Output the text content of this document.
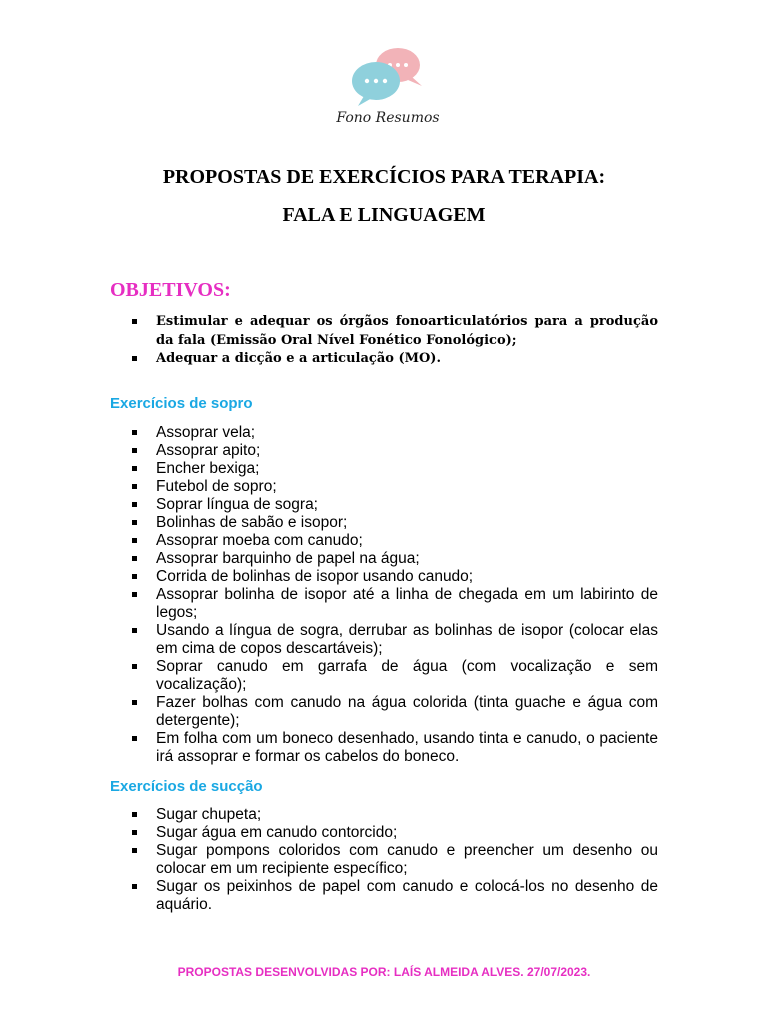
Fono Resumos
PROPOSTAS DE EXERCÍCIOS PARA TERAPIA:
FALA E LINGUAGEM
OBJETIVOS:
Estimular e adequar os órgãos fonoarticulatórios para a produção da fala (Emissão Oral Nível Fonético Fonológico);
Adequar a dicção e a articulação (MO).
Exercícios de sopro
Assoprar vela;
Assoprar apito;
Encher bexiga;
Futebol de sopro;
Soprar língua de sogra;
Bolinhas de sabão e isopor;
Assoprar moeba com canudo;
Assoprar barquinho de papel na água;
Corrida de bolinhas de isopor usando canudo;
Assoprar bolinha de isopor até a linha de chegada em um labirinto de legos;
Usando a língua de sogra, derrubar as bolinhas de isopor (colocar elas em cima de copos descartáveis);
Soprar canudo em garrafa de água (com vocalização e sem vocalização);
Fazer bolhas com canudo na água colorida (tinta guache e água com detergente);
Em folha com um boneco desenhado, usando tinta e canudo, o paciente irá assoprar e formar os cabelos do boneco.
Exercícios de sucção
Sugar chupeta;
Sugar água em canudo contorcido;
Sugar pompons coloridos com canudo e preencher um desenho ou colocar em um recipiente específico;
Sugar os peixinhos de papel com canudo e colocá-los no desenho de aquário.
PROPOSTAS DESENVOLVIDAS POR: LAÍS ALMEIDA ALVES. 27/07/2023.
